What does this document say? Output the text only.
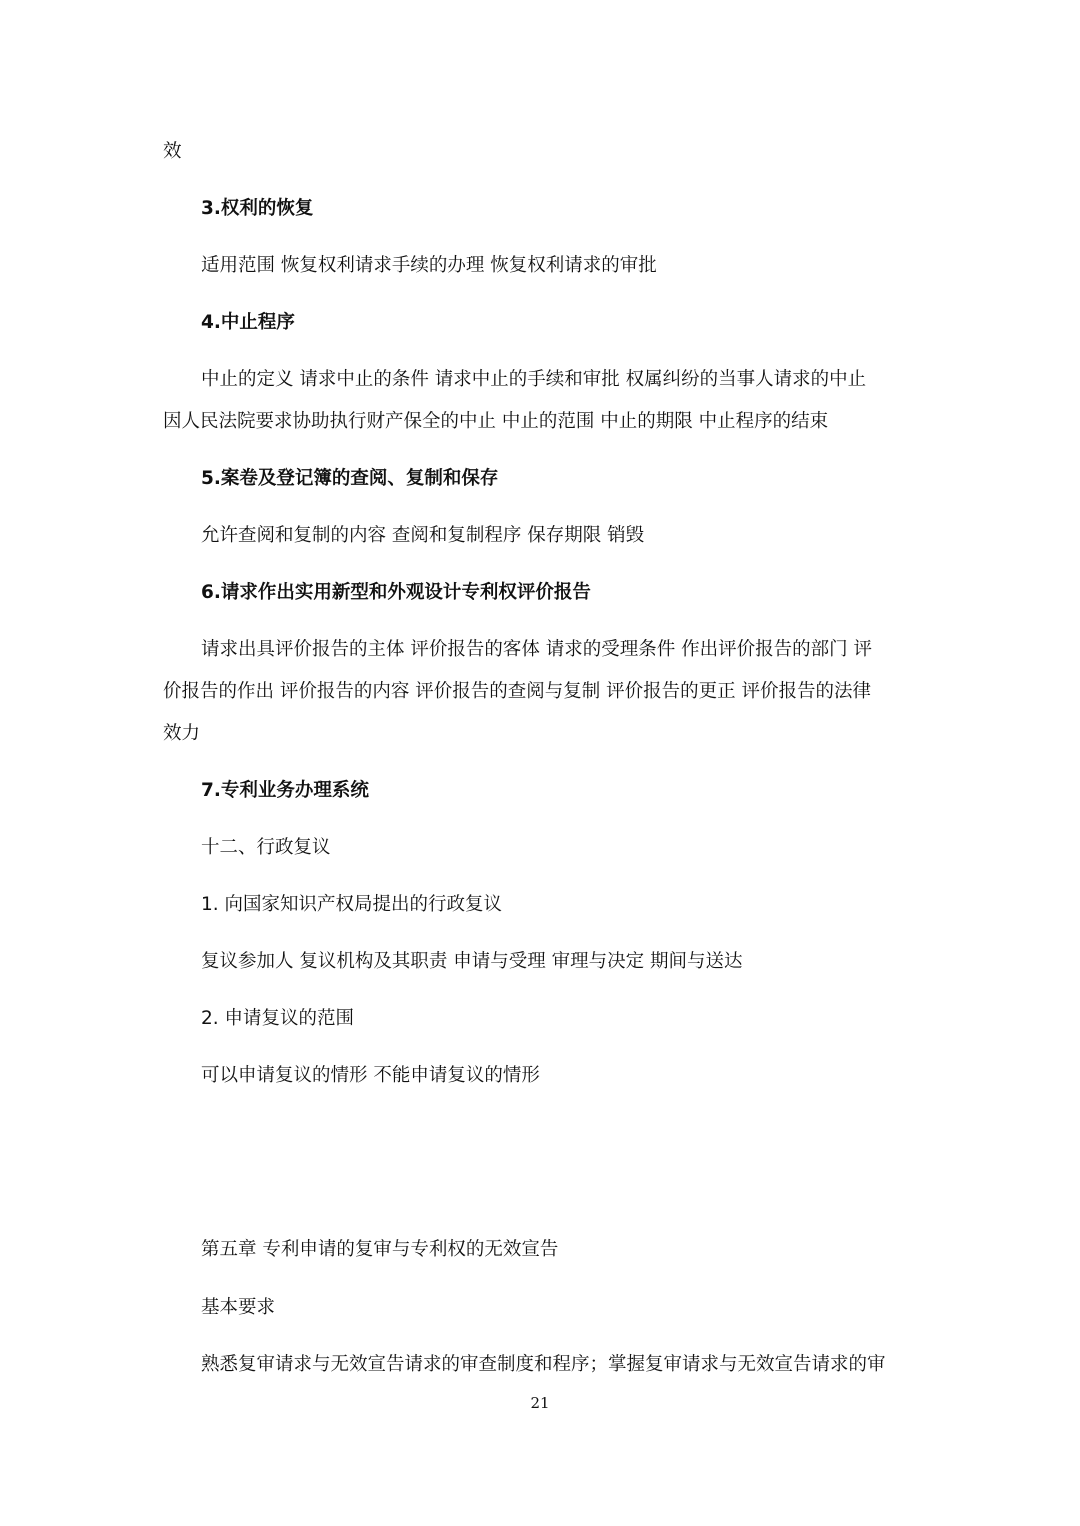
效
3.权利的恢复
适用范围 恢复权利请求手续的办理 恢复权利请求的审批
4.中止程序
中止的定义 请求中止的条件 请求中止的手续和审批 权属纠纷的当事人请求的中止
因人民法院要求协助执行财产保全的中止 中止的范围 中止的期限 中止程序的结束
5.案卷及登记簿的查阅、复制和保存
允许查阅和复制的内容 查阅和复制程序 保存期限 销毁
6.请求作出实用新型和外观设计专利权评价报告
请求出具评价报告的主体 评价报告的客体 请求的受理条件 作出评价报告的部门 评
价报告的作出 评价报告的内容 评价报告的查阅与复制 评价报告的更正 评价报告的法律
效力
7.专利业务办理系统
十二、行政复议
1. 向国家知识产权局提出的行政复议
复议参加人 复议机构及其职责 申请与受理 审理与决定 期间与送达
2. 申请复议的范围
可以申请复议的情形 不能申请复议的情形
第五章 专利申请的复审与专利权的无效宣告
基本要求
熟悉复审请求与无效宣告请求的审查制度和程序；掌握复审请求与无效宣告请求的审
21
